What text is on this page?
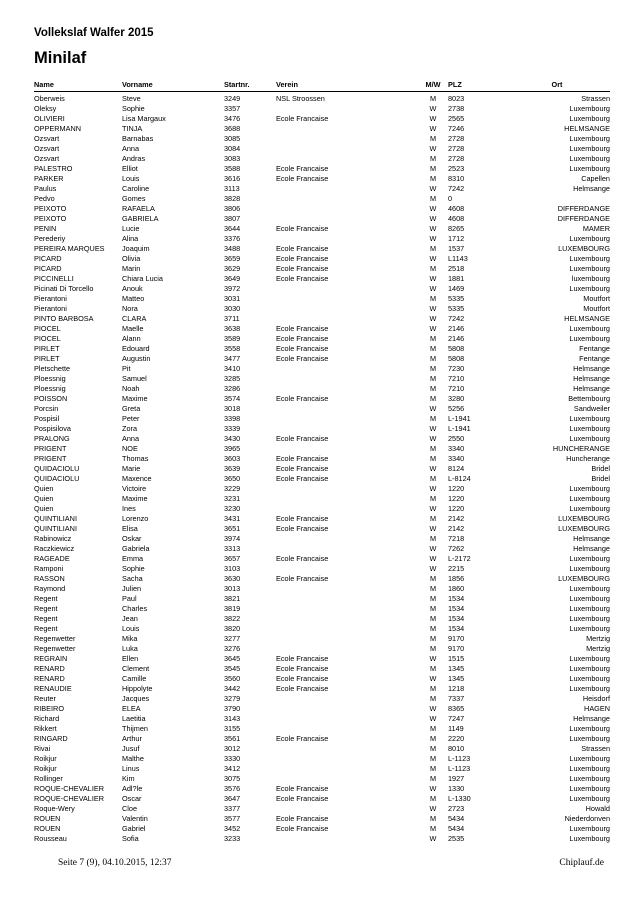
Vollekslaf Walfer 2015
Minilaf
Name	Vorname	Startnr.	Verein	M/W	PLZ	Ort
Oberweis	Steve	3249	NSL Stroossen	M	8023	Strassen
Oleksy	Sophie	3357		W	2738	Luxembourg
OLIVIERI	Lisa Margaux	3476	Ecole Francaise	W	2565	Luxembourg
OPPERMANN	TINJA	3688		W	7246	HELMSANGE
Ozsvart	Barnabas	3085		M	2728	Luxembourg
Ozsvart	Anna	3084		W	2728	Luxembourg
Ozsvart	Andras	3083		M	2728	Luxembourg
PALESTRO	Elliot	3588	Ecole Francaise	M	2523	Luxembourg
PARKER	Louis	3616	Ecole Francaise	M	8310	Capellen
Paulus	Caroline	3113		W	7242	Helmsange
Pedvo	Gomes	3828		M	0	
PEIXOTO	RAFAELA	3806		W	4608	DIFFERDANGE
PEIXOTO	GABRIELA	3807		W	4608	DIFFERDANGE
PENIN	Lucie	3644	Ecole Francaise	W	8265	MAMER
Perederiy	Alina	3376		W	1712	Luxembourg
PEREIRA MARQUES	Joaquim	3488	Ecole Francaise	M	1537	LUXEMBOURG
PICARD	Olivia	3659	Ecole Francaise	W	L1143	Luxembourg
PICARD	Marin	3629	Ecole Francaise	M	2518	Luxembourg
PICCINELLI	Chiara Lucia	3649	Ecole Francaise	W	1881	luxembourg
Picinati Di Torcello	Anouk	3972		W	1469	Luxembourg
Pierantoni	Matteo	3031		M	5335	Moutfort
Pierantoni	Nora	3030		W	5335	Moutfort
PINTO BARBOSA	CLARA	3711		W	7242	HELMSANGE
PIOCEL	Maelle	3638	Ecole Francaise	W	2146	Luxembourg
PIOCEL	Alann	3589	Ecole Francaise	M	2146	Luxembourg
PIRLET	Edouard	3558	Ecole Francaise	M	5808	Fentange
PIRLET	Augustin	3477	Ecole Francaise	M	5808	Fentange
Pletschette	Pit	3410		M	7230	Helmsange
Ploessnig	Samuel	3285		M	7210	Helmsange
Ploessnig	Noah	3286		M	7210	Helmsange
POISSON	Maxime	3574	Ecole Francaise	M	3280	Bettembourg
Porcsin	Greta	3018		W	5256	Sandweiler
Pospisil	Peter	3398		M	L-1941	Luxembourg
Pospisilova	Zora	3339		W	L-1941	Luxembourg
PRALONG	Anna	3430	Ecole Francaise	W	2550	Luxembourg
PRIGENT	NOE	3965		M	3340	HUNCHERANGE
PRIGENT	Thomas	3603	Ecole Francaise	M	3340	Huncherange
QUIDACIOLU	Marie	3639	Ecole Francaise	W	8124	Bridel
QUIDACIOLU	Maxence	3650	Ecole Francaise	M	L-8124	Bridel
Quien	Victoire	3229		W	1220	Luxembourg
Quien	Maxime	3231		M	1220	Luxembourg
Quien	Ines	3230		W	1220	Luxembourg
QUINTILIANI	Lorenzo	3431	Ecole Francaise	M	2142	LUXEMBOURG
QUINTILIANI	Elisa	3651	Ecole Francaise	W	2142	LUXEMBOURG
Rabinowicz	Oskar	3974		M	7218	Helmsange
Raczkiewicz	Gabriela	3313		W	7262	Helmsange
RAGEADE	Emma	3657	Ecole Francaise	W	L-2172	Luxembourg
Ramponi	Sophie	3103		W	2215	Luxembourg
RASSON	Sacha	3630	Ecole Francaise	M	1856	LUXEMBOURG
Raymond	Julien	3013		M	1860	Luxembourg
Regent	Paul	3821		M	1534	Luxembourg
Regent	Charles	3819		M	1534	Luxembourg
Regent	Jean	3822		M	1534	Luxembourg
Regent	Louis	3820		M	1534	Luxembourg
Regenwetter	Mika	3277		M	9170	Mertzig
Regenwetter	Luka	3276		M	9170	Mertzig
REGRAIN	Ellen	3645	Ecole Francaise	W	1515	Luxembourg
RENARD	Clement	3545	Ecole Francaise	M	1345	Luxembourg
RENARD	Camille	3560	Ecole Francaise	W	1345	Luxembourg
RENAUDIE	Hippolyte	3442	Ecole Francaise	M	1218	Luxembourg
Reuter	Jacques	3279		M	7337	Heisdorf
RIBEIRO	ELEA	3790		W	8365	HAGEN
Richard	Laetitia	3143		W	7247	Helmsange
Rikkert	Thijmen	3155		M	1149	Luxembourg
RINGARD	Arthur	3561	Ecole Francaise	M	2220	Luxembourg
Rivai	Jusuf	3012		M	8010	Strassen
Roikjur	Malthe	3330		M	L-1123	Luxembourg
Roikjur	Linus	3412		M	L-1123	Luxembourg
Rollinger	Kim	3075		M	1927	Luxembourg
ROQUE-CHEVALIER	Adl?le	3576	Ecole Francaise	W	1330	Luxembourg
ROQUE-CHEVALIER	Oscar	3647	Ecole Francaise	M	L-1330	Luxembourg
Roque-Wery	Cloe	3377		W	2723	Howald
ROUEN	Valentin	3577	Ecole Francaise	M	5434	Niederdonven
ROUEN	Gabriel	3452	Ecole Francaise	M	5434	Luxembourg
Rousseau	Sofia	3233		W	2535	Luxembourg
Seite 7 (9), 04.10.2015, 12:37	Chiplauf.de
